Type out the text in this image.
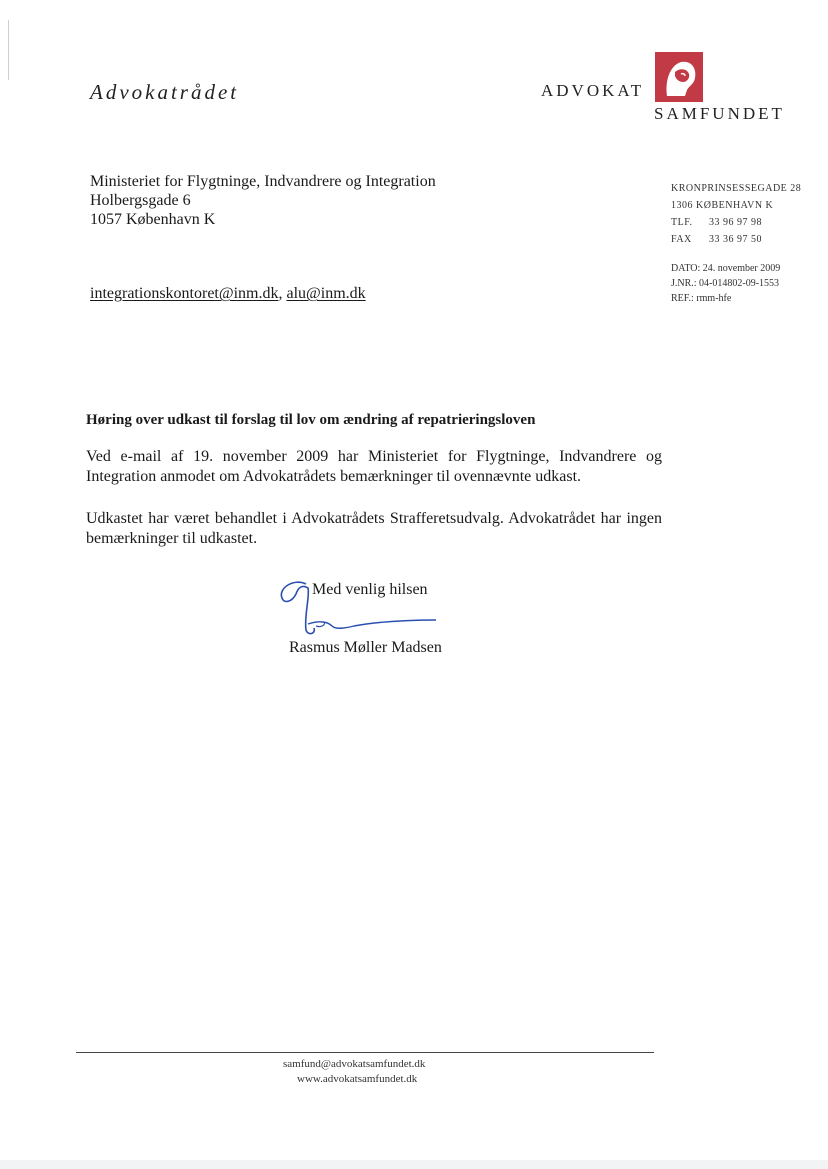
Advokatrådet	ADVOKAT
SAMFUNDET
Ministeriet for Flygtninge, Indvandrere og Integration
Holbergsgade 6
1057 København K
KRONPRINSESSEGADE 28
1306 KØBENHAVN K
TLF. 33 96 97 98
FAX 33 36 97 50
DATO: 24. november 2009
J.NR.: 04-014802-09-1553
REF.: rmm-hfe
integrationskontoret@inm.dk, alu@inm.dk
Høring over udkast til forslag til lov om ændring af repatrieringsloven
Ved e-mail af 19. november 2009 har Ministeriet for Flygtninge, Indvandrere og Integration anmodet om Advokatrådets bemærkninger til ovennævnte udkast.
Udkastet har været behandlet i Advokatrådets Strafferetsudvalg. Advokatrådet har ingen bemærkninger til udkastet.
Med venlig hilsen
Rasmus Møller Madsen
samfund@advokatsamfundet.dk
www.advokatsamfundet.dk
